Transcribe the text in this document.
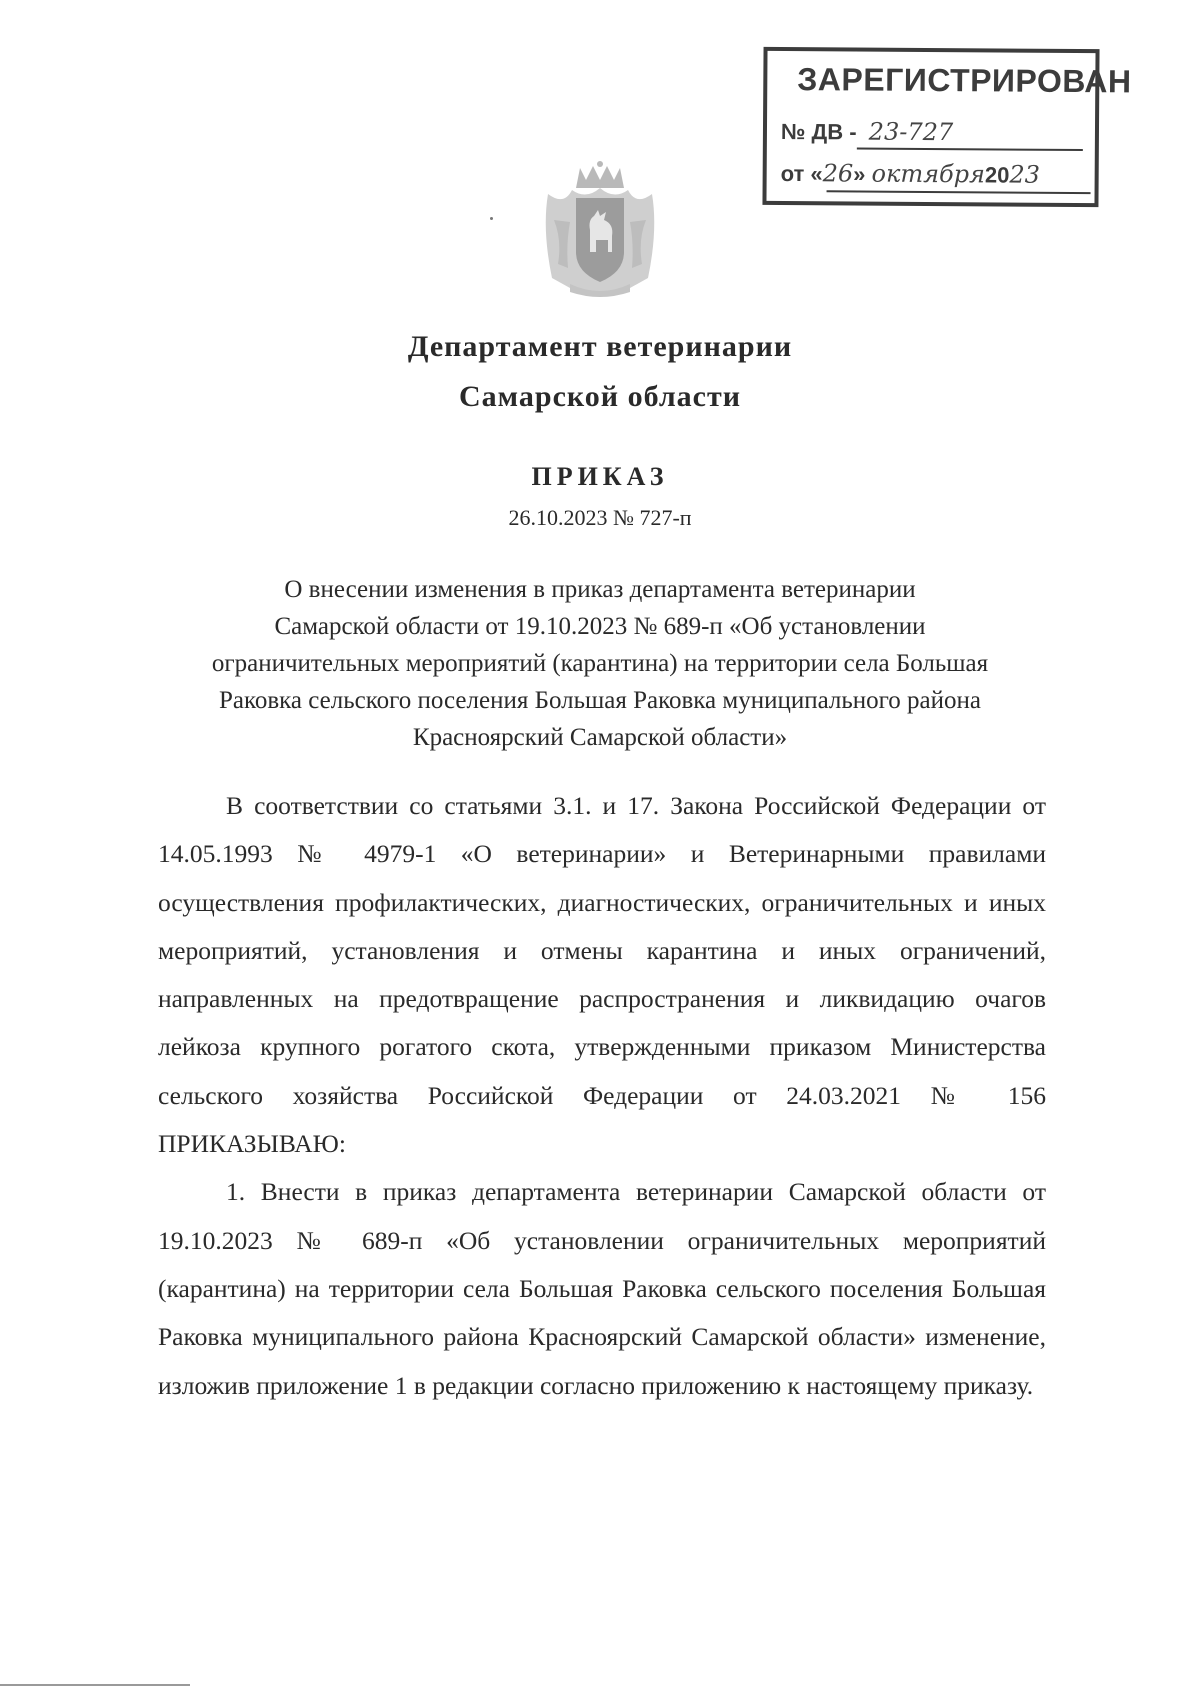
ЗАРЕГИСТРИРОВАН
№ ДВ - 23-727
от «26» октября2023
Департамент ветеринарии
Самарской области
ПРИКАЗ
26.10.2023 № 727-п
О внесении изменения в приказ департамента ветеринарии
Самарской области от 19.10.2023 № 689-п «Об установлении
ограничительных мероприятий (карантина) на территории села Большая
Раковка сельского поселения Большая Раковка муниципального района
Красноярский Самарской области»

В соответствии со статьями 3.1. и 17. Закона Российской Федерации от 14.05.1993 № 4979-1 «О ветеринарии» и Ветеринарными правилами осуществления профилактических, диагностических, ограничительных и иных мероприятий, установления и отмены карантина и иных ограничений, направленных на предотвращение распространения и ликвидацию очагов лейкоза крупного рогатого скота, утвержденными приказом Министерства сельского хозяйства Российской Федерации от 24.03.2021 № 156 ПРИКАЗЫВАЮ:

1. Внести в приказ департамента ветеринарии Самарской области от 19.10.2023 № 689-п «Об установлении ограничительных мероприятий (карантина) на территории села Большая Раковка сельского поселения Большая Раковка муниципального района Красноярский Самарской области» изменение, изложив приложение 1 в редакции согласно приложению к настоящему приказу.
